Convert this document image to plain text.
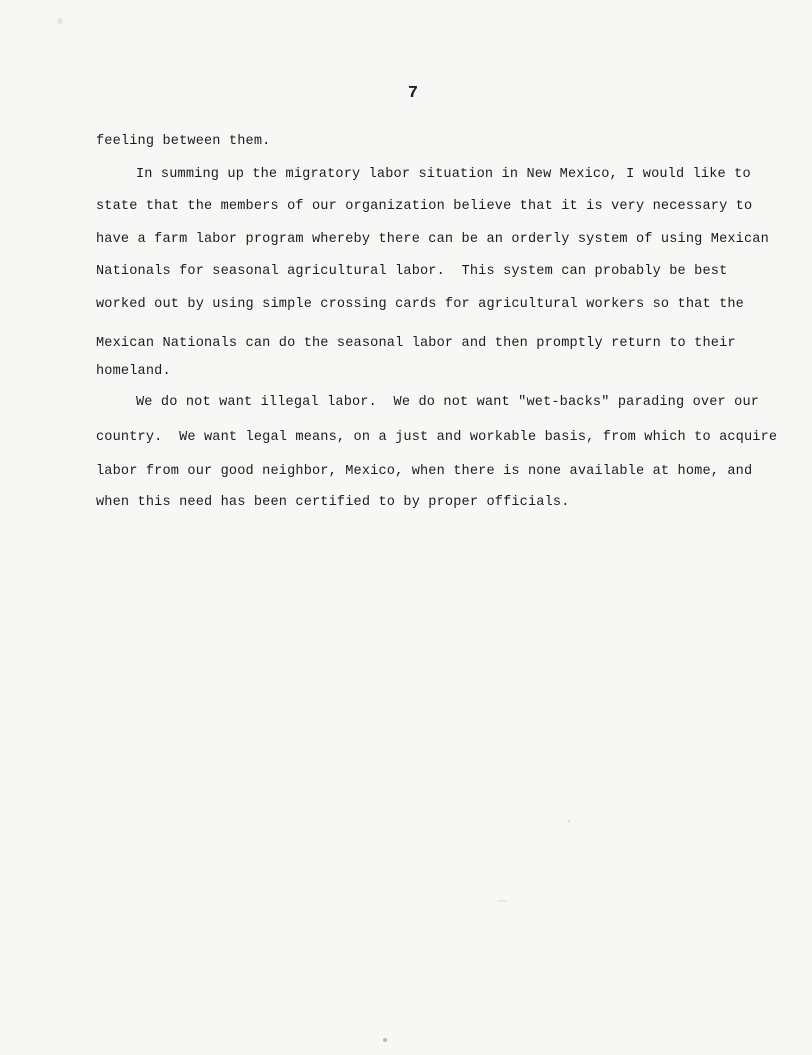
7
feeling between them.
In summing up the migratory labor situation in New Mexico, I would like to
state that the members of our organization believe that it is very necessary to
have a farm labor program whereby there can be an orderly system of using Mexican
Nationals for seasonal agricultural labor.  This system can probably be best
worked out by using simple crossing cards for agricultural workers so that the
Mexican Nationals can do the seasonal labor and then promptly return to their
homeland.
We do not want illegal labor.  We do not want "wet-backs" parading over our
country.  We want legal means, on a just and workable basis, from which to acquire
labor from our good neighbor, Mexico, when there is none available at home, and
when this need has been certified to by proper officials.
